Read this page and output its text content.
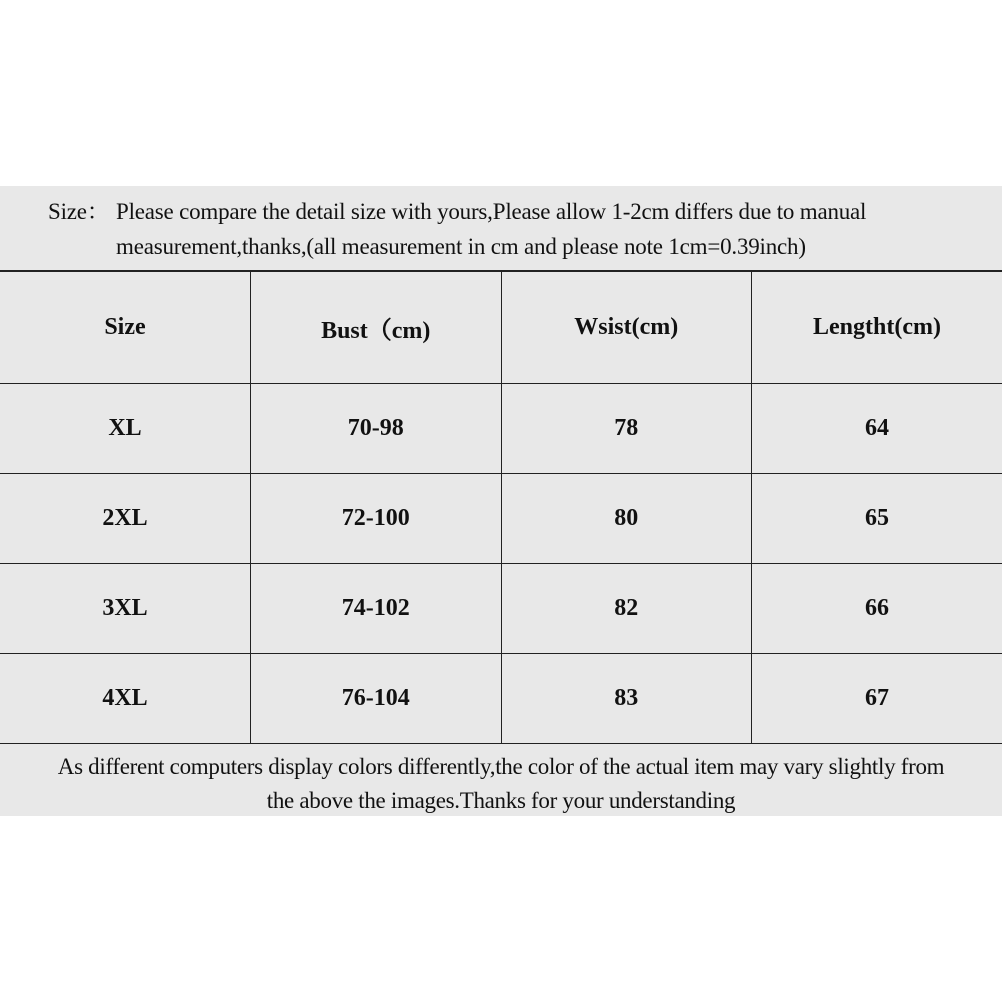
Size： Please compare the detail size with yours,Please allow 1-2cm differs due to manual
measurement,thanks,(all measurement in cm and please note 1cm=0.39inch)
Size	Bust（cm)	Wsist(cm)	Lengtht(cm)
XL	70-98	78	64
2XL	72-100	80	65
3XL	74-102	82	66
4XL	76-104	83	67
As different computers display colors differently,the color of the actual item may vary slightly from
the above the images.Thanks for your understanding
